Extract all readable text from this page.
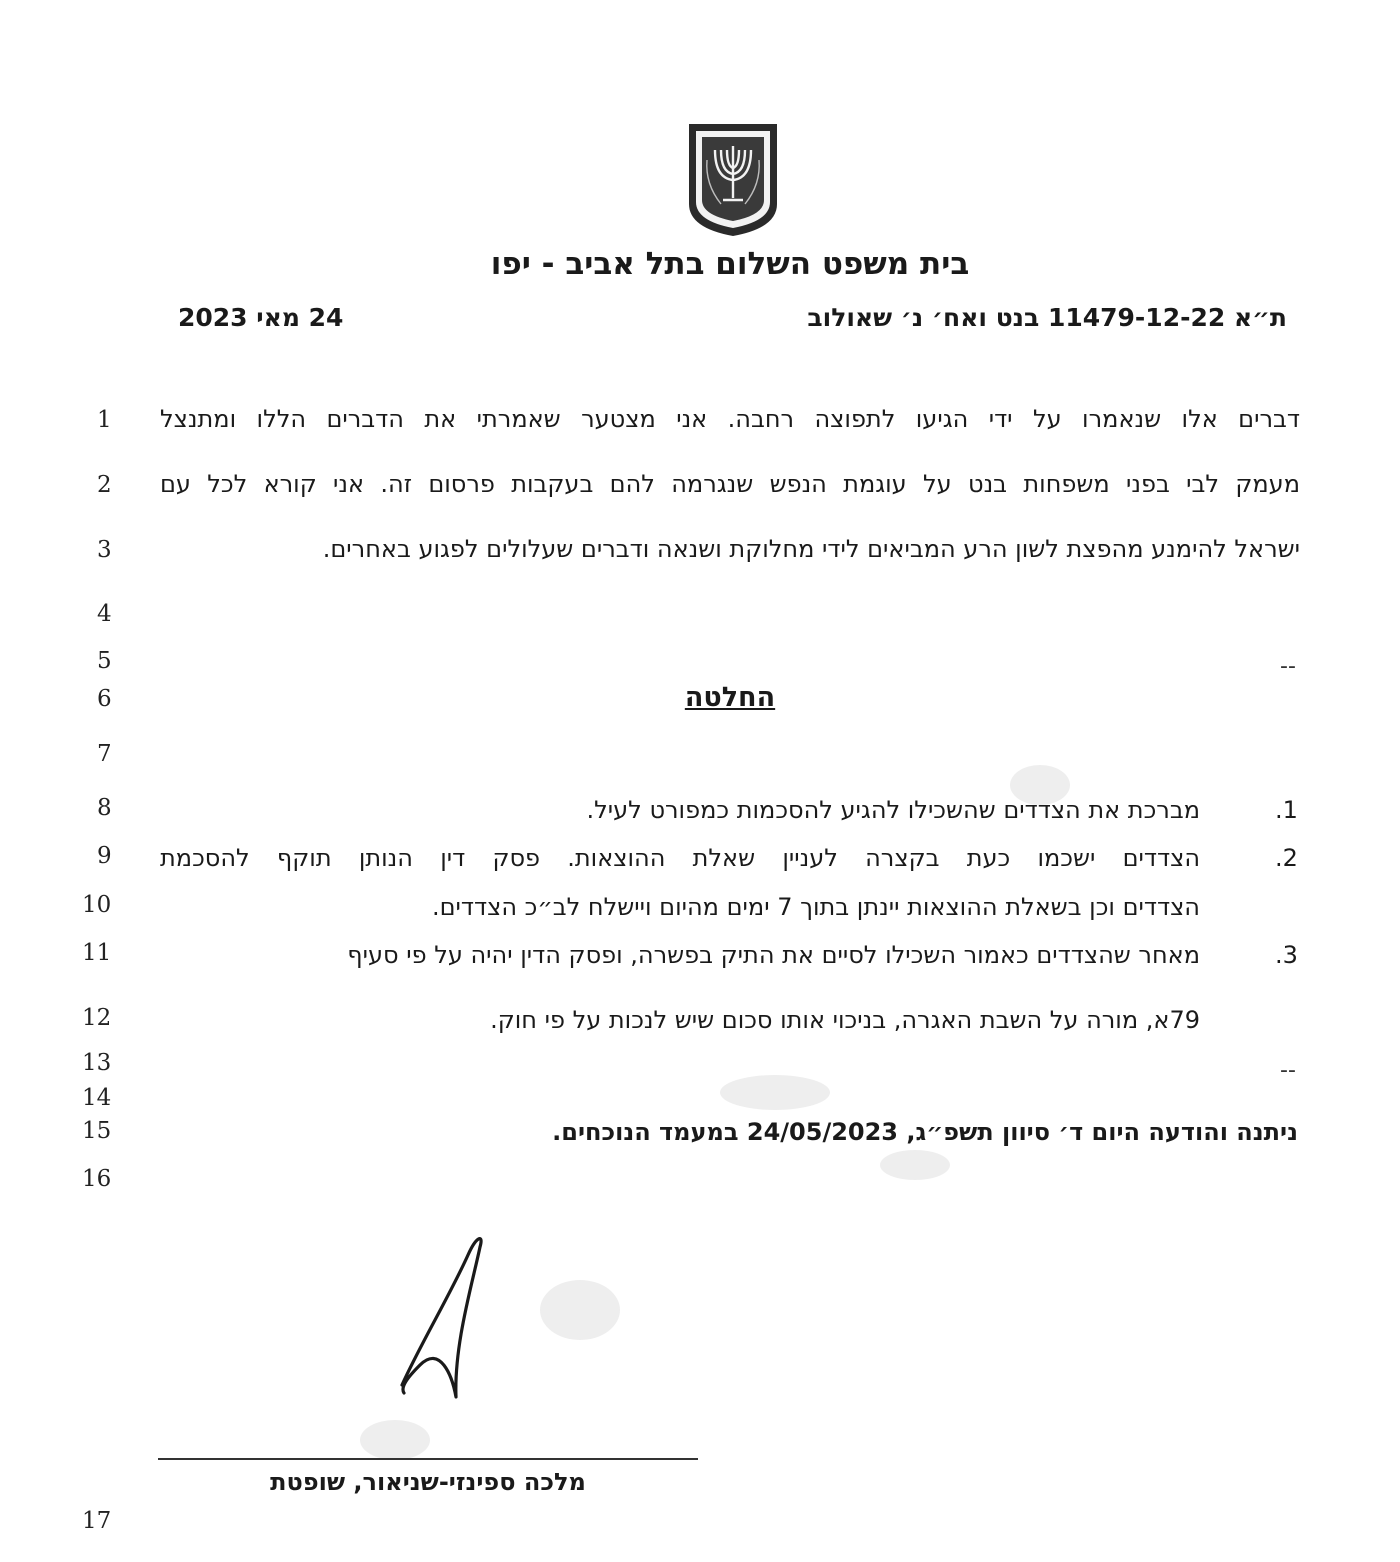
בית משפט השלום בתל אביב - יפו
ת״א 11479-12-22 בנט ואח׳ נ׳ שאולוב
24 מאי 2023
1
2
3
4
5
6
7
8
9
10
11
12
13
14
15
16
17
דברים אלו שנאמרו על ידי הגיעו לתפוצה רחבה. אני מצטער שאמרתי את הדברים הללו ומתנצל
מעמק לבי בפני משפחות בנט על עוגמת הנפש שנגרמה להם בעקבות פרסום זה. אני קורא לכל עם
ישראל להימנע מהפצת לשון הרע המביאים לידי מחלוקת ושנאה ודברים שעלולים לפגוע באחרים.
--
החלטה
1.
מברכת את הצדדים שהשכילו להגיע להסכמות כמפורט לעיל.
2.
הצדדים ישכמו כעת בקצרה לעניין שאלת ההוצאות. פסק דין הנותן תוקף להסכמת
הצדדים וכן בשאלת ההוצאות יינתן בתוך 7 ימים מהיום ויישלח לב״כ הצדדים.
3.
מאחר שהצדדים כאמור השכילו לסיים את התיק בפשרה, ופסק הדין יהיה על פי סעיף
79א, מורה על השבת האגרה, בניכוי אותו סכום שיש לנכות על פי חוק.
--
ניתנה והודעה היום ד׳ סיוון תשפ״ג, 24/05/2023 במעמד הנוכחים.
מלכה ספינזי-שניאור, שופטת
